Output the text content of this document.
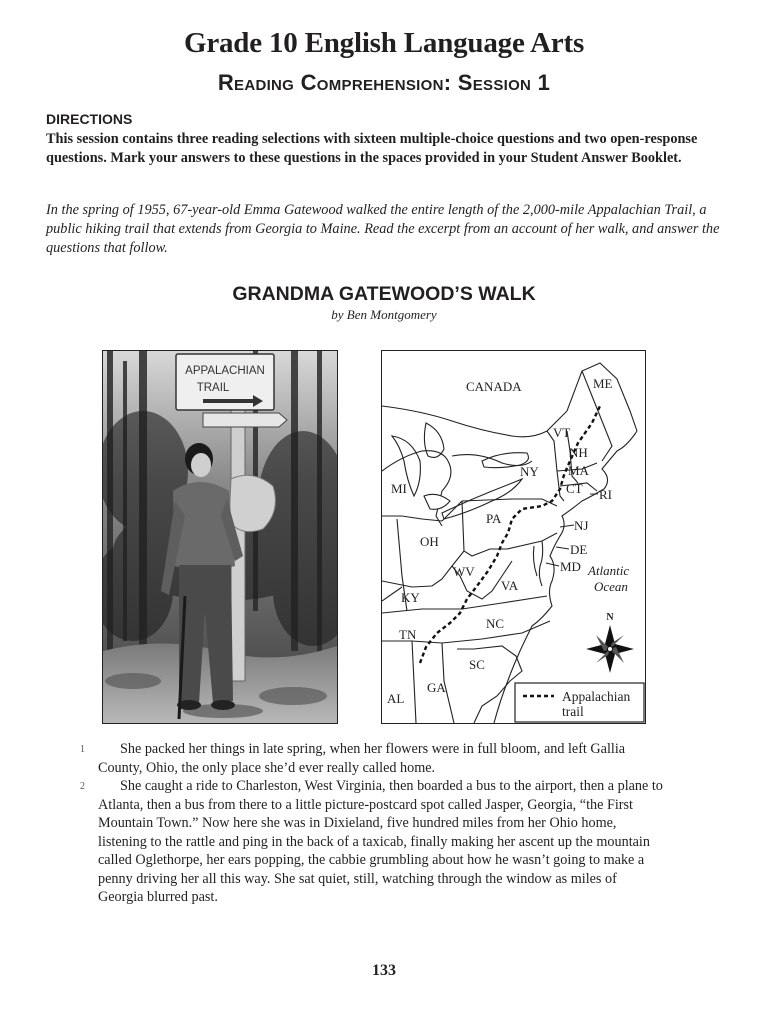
Grade 10 English Language Arts
Reading Comprehension: Session 1
DIRECTIONS
This session contains three reading selections with sixteen multiple-choice questions and two open-response questions. Mark your answers to these questions in the spaces provided in your Student Answer Booklet.
In the spring of 1955, 67-year-old Emma Gatewood walked the entire length of the 2,000-mile Appalachian Trail, a public hiking trail that extends from Georgia to Maine. Read the excerpt from an account of her walk, and answer the questions that follow.
GRANDMA GATEWOOD’S WALK
by Ben Montgomery
APPALACHIAN
TRAIL	CANADA	ME
VT
NH
MA
CT RI
NY
MI
PA	NJ
OH
DE
MD
WV
VA
KY
NC
TN
SC
GA
AL
Atlantic
Ocean
N
Appalachian
trail
1	She packed her things in late spring, when her flowers were in full bloom, and left Gallia County, Ohio, the only place she’d ever really called home.
2	She caught a ride to Charleston, West Virginia, then boarded a bus to the airport, then a plane to Atlanta, then a bus from there to a little picture-postcard spot called Jasper, Georgia, “the First Mountain Town.” Now here she was in Dixieland, five hundred miles from her Ohio home, listening to the rattle and ping in the back of a taxicab, finally making her ascent up the mountain called Oglethorpe, her ears popping, the cabbie grumbling about how he wasn’t going to make a penny driving her all this way. She sat quiet, still, watching through the window as miles of Georgia blurred past.
133
